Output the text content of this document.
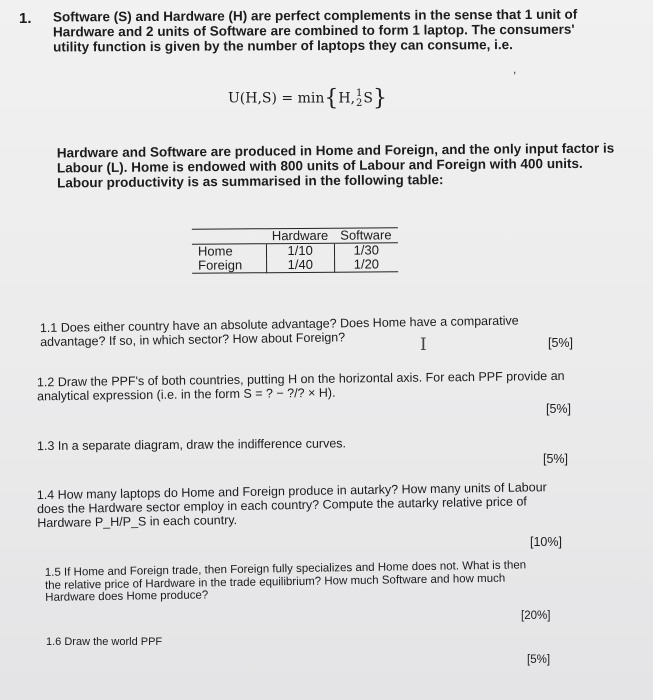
1. Software (S) and Hardware (H) are perfect complements in the sense that 1 unit of Hardware and 2 units of Software are combined to form 1 laptop. The consumers' utility function is given by the number of laptops they can consume, i.e.
,
U(H,S) = min{H,1
2S}
Hardware and Software are produced in Home and Foreign, and the only input factor is Labour (L). Home is endowed with 800 units of Labour and Foreign with 400 units. Labour productivity is as summarised in the following table:
	Hardware	Software
Home	1/10	1/30
Foreign	1/40	1/20
1.1 Does either country have an absolute advantage? Does Home have a comparative advantage? If so, in which sector? How about Foreign?	[5%]
I
1.2 Draw the PPF's of both countries, putting H on the horizontal axis. For each PPF provide an analytical expression (i.e. in the form S = ? − ?/? × H).
[5%]
1.3 In a separate diagram, draw the indifference curves.
[5%]
1.4 How many laptops do Home and Foreign produce in autarky? How many units of Labour does the Hardware sector employ in each country? Compute the autarky relative price of Hardware P_H/P_S in each country.
[10%]
1.5 If Home and Foreign trade, then Foreign fully specializes and Home does not. What is then the relative price of Hardware in the trade equilibrium? How much Software and how much Hardware does Home produce?
[20%]
1.6 Draw the world PPF
[5%]
